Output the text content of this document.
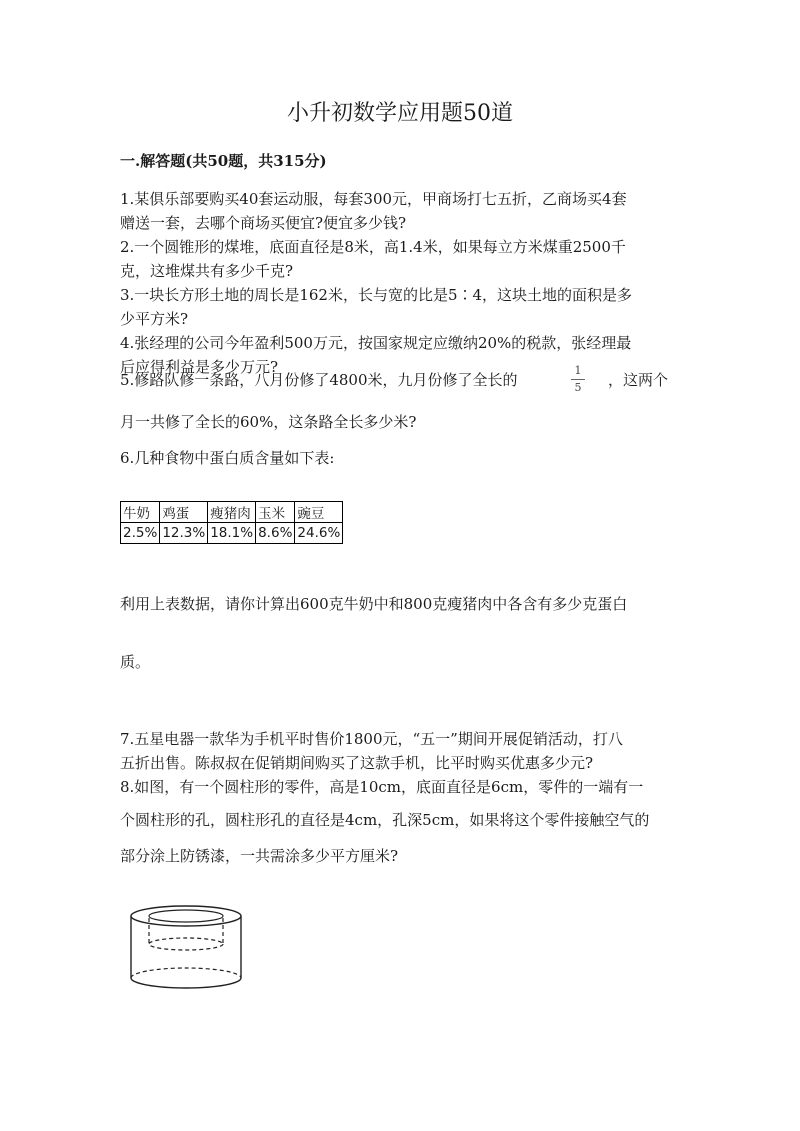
小升初数学应用题50道
一.解答题(共50题，共315分)
1.某俱乐部要购买40套运动服，每套300元，甲商场打七五折，乙商场买4套
赠送一套，去哪个商场买便宜?便宜多少钱?
2.一个圆锥形的煤堆，底面直径是8米，高1.4米，如果每立方米煤重2500千
克，这堆煤共有多少千克?
3.一块长方形土地的周长是162米，长与宽的比是5∶4，这块土地的面积是多
少平方米?
4.张经理的公司今年盈利500万元，按国家规定应缴纳20%的税款，张经理最
后应得利益是多少万元?
5.修路队修一条路，八月份修了4800米，九月份修了全长的
1
5	，这两个
月一共修了全长的60%，这条路全长多少米?
6.几种食物中蛋白质含量如下表:
牛奶	鸡蛋	瘦猪肉	玉米	豌豆
2.5%	12.3%	18.1%	8.6%	24.6%
利用上表数据，请你计算出600克牛奶中和800克瘦猪肉中各含有多少克蛋白
质。
7.五星电器一款华为手机平时售价1800元，“五一”期间开展促销活动，打八
五折出售。陈叔叔在促销期间购买了这款手机，比平时购买优惠多少元?
8.如图，有一个圆柱形的零件，高是10cm，底面直径是6cm，零件的一端有一
个圆柱形的孔，圆柱形孔的直径是4cm，孔深5cm，如果将这个零件接触空气的
部分涂上防锈漆，一共需涂多少平方厘米?
